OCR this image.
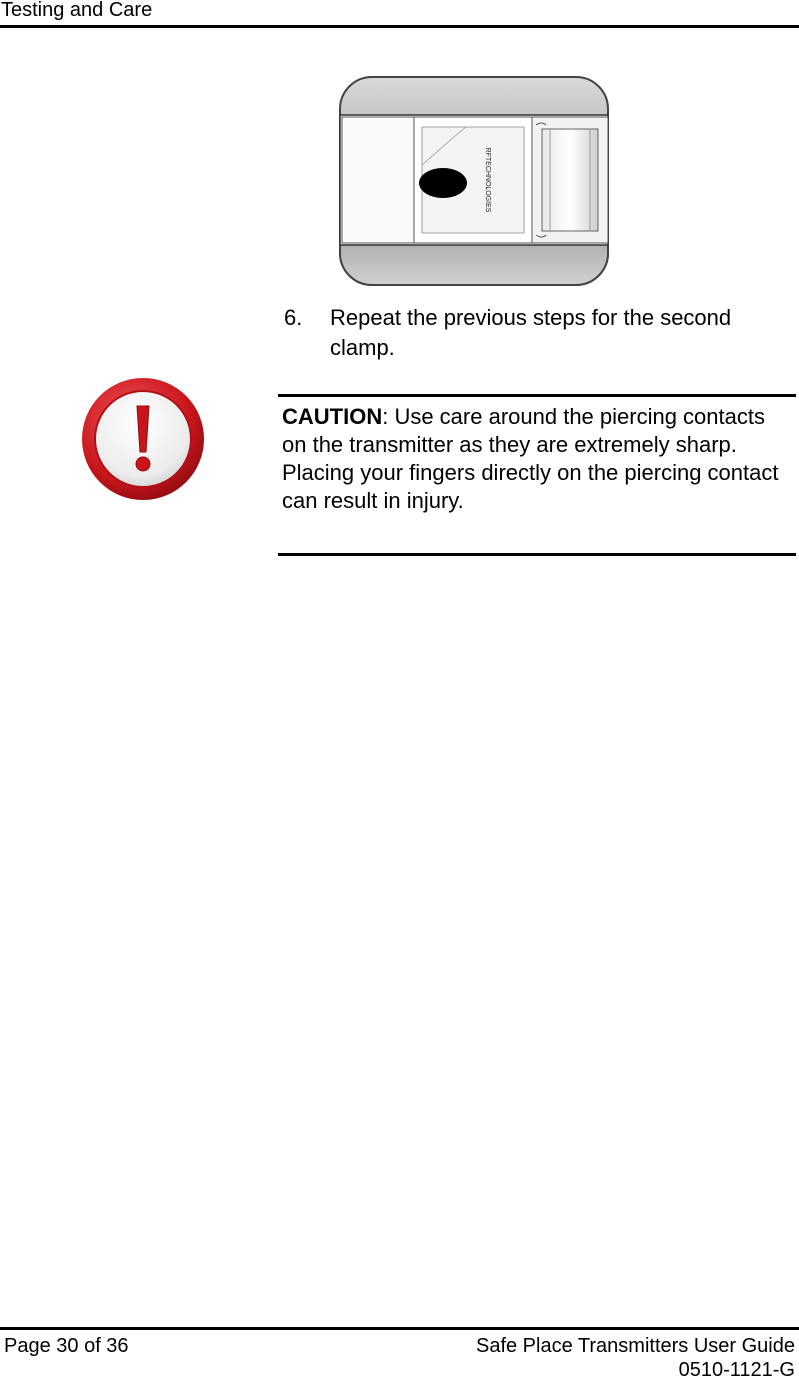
Testing and Care
RFTECHNOLOGIES
6. Repeat the previous steps for the second clamp.
CAUTION: Use care around the piercing contacts on the transmitter as they are extremely sharp. Placing your fingers directly on the piercing contact can result in injury.
Page 30 of 36	Safe Place Transmitters User Guide
0510-1121-G
